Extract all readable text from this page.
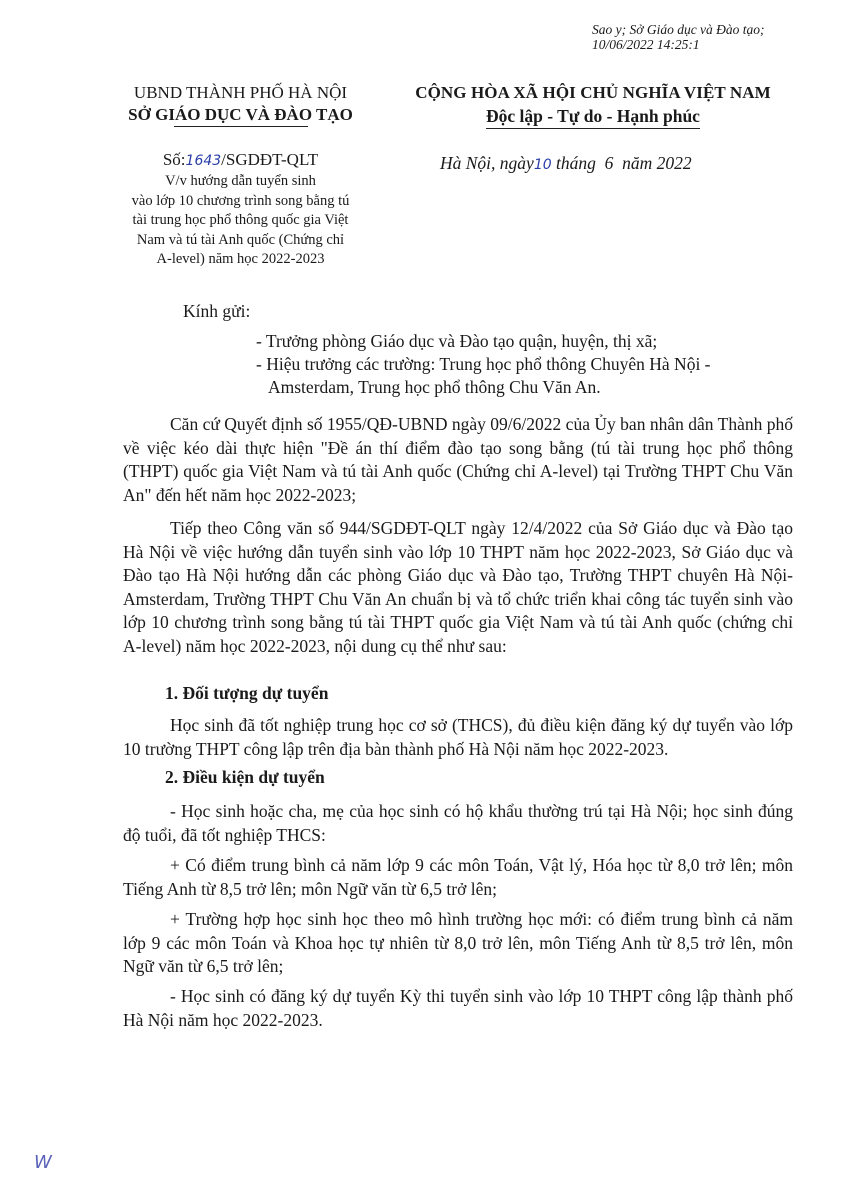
Sao y; Sở Giáo dục và Đào tạo;
10/06/2022 14:25:1
UBND THÀNH PHỐ HÀ NỘI
SỞ GIÁO DỤC VÀ ĐÀO TẠO
CỘNG HÒA XÃ HỘI CHỦ NGHĨA VIỆT NAM
Độc lập - Tự do - Hạnh phúc
Số:1643/SGDĐT-QLT
V/v hướng dẫn tuyển sinh
vào lớp 10 chương trình song bằng tú
tài trung học phổ thông quốc gia Việt
Nam và tú tài Anh quốc (Chứng chỉ
A-level) năm học 2022-2023
Hà Nội, ngày10 tháng  6  năm 2022
Kính gửi:
- Trưởng phòng Giáo dục và Đào tạo quận, huyện, thị xã;
- Hiệu trưởng các trường: Trung học phổ thông Chuyên Hà Nội -
Amsterdam, Trung học phổ thông Chu Văn An.
Căn cứ Quyết định số 1955/QĐ-UBND ngày 09/6/2022 của Ủy ban nhân dân Thành phố về việc kéo dài thực hiện "Đề án thí điểm đào tạo song bằng (tú tài trung học phổ thông (THPT) quốc gia Việt Nam và tú tài Anh quốc (Chứng chỉ A-level) tại Trường THPT Chu Văn An" đến hết năm học 2022-2023;
Tiếp theo Công văn số 944/SGDĐT-QLT ngày 12/4/2022 của Sở Giáo dục và Đào tạo Hà Nội về việc hướng dẫn tuyển sinh vào lớp 10 THPT năm học 2022-2023, Sở Giáo dục và Đào tạo Hà Nội hướng dẫn các phòng Giáo dục và Đào tạo, Trường THPT chuyên Hà Nội-Amsterdam, Trường THPT Chu Văn An chuẩn bị và tổ chức triển khai công tác tuyển sinh vào lớp 10 chương trình song bằng tú tài THPT quốc gia Việt Nam và tú tài Anh quốc (chứng chỉ A-level) năm học 2022-2023, nội dung cụ thể như sau:
1. Đối tượng dự tuyển
Học sinh đã tốt nghiệp trung học cơ sở (THCS), đủ điều kiện đăng ký dự tuyển vào lớp 10 trường THPT công lập trên địa bàn thành phố Hà Nội năm học 2022-2023.
2. Điều kiện dự tuyển
- Học sinh hoặc cha, mẹ của học sinh có hộ khẩu thường trú tại Hà Nội; học sinh đúng độ tuổi, đã tốt nghiệp THCS:
+ Có điểm trung bình cả năm lớp 9 các môn Toán, Vật lý, Hóa học từ 8,0 trở lên; môn Tiếng Anh từ 8,5 trở lên; môn Ngữ văn từ 6,5 trở lên;
+ Trường hợp học sinh học theo mô hình trường học mới: có điểm trung bình cả năm lớp 9 các môn Toán và Khoa học tự nhiên từ 8,0 trở lên, môn Tiếng Anh từ 8,5 trở lên, môn Ngữ văn từ 6,5 trở lên;
- Học sinh có đăng ký dự tuyển Kỳ thi tuyển sinh vào lớp 10 THPT công lập thành phố Hà Nội năm học 2022-2023.
W
